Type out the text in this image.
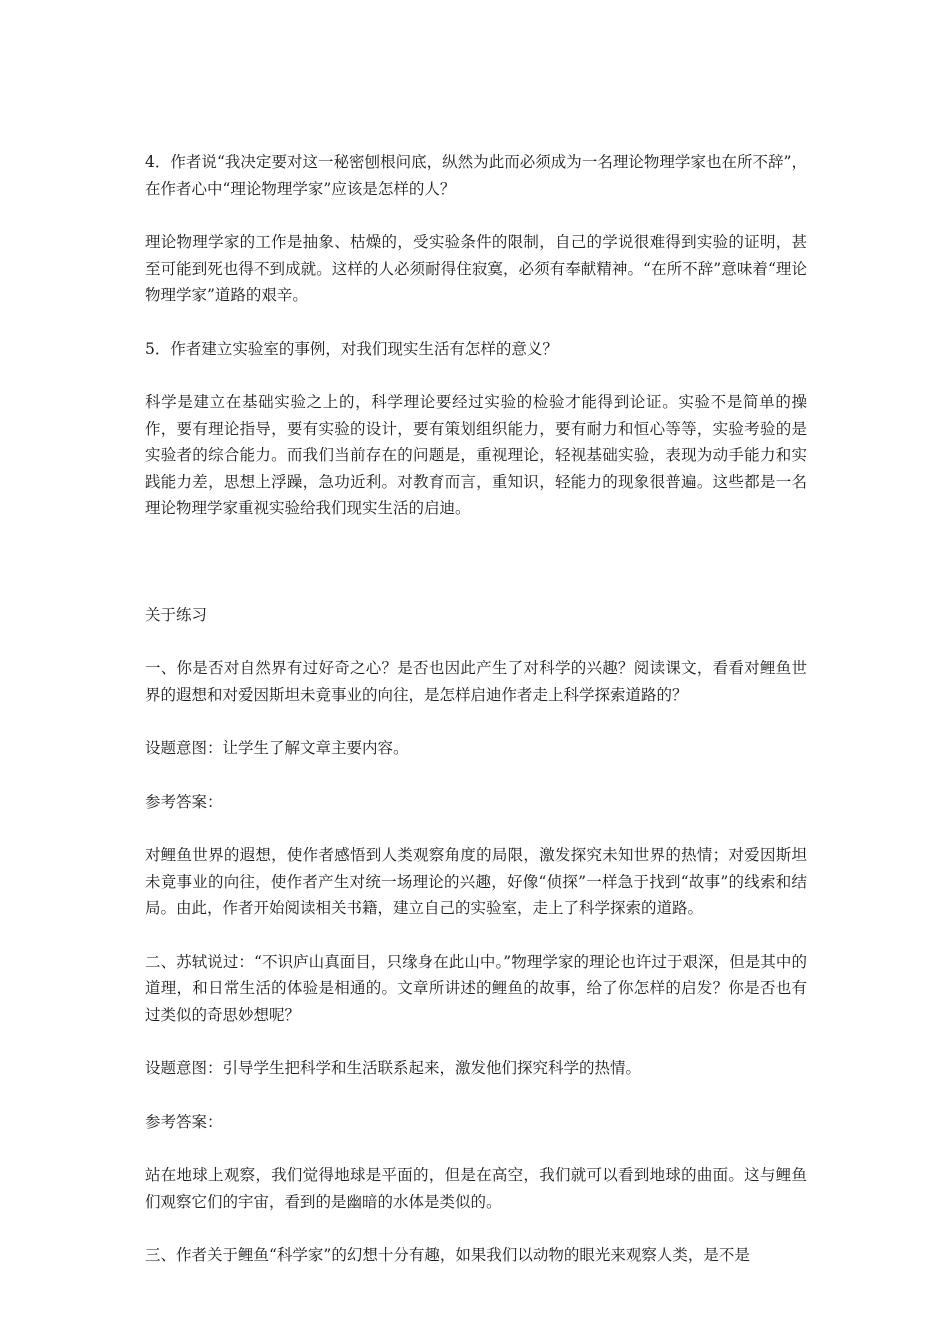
4．作者说“我决定要对这一秘密刨根问底，纵然为此而必须成为一名理论物理学家也在所不辞”，在作者心中“理论物理学家”应该是怎样的人？

理论物理学家的工作是抽象、枯燥的，受实验条件的限制，自己的学说很难得到实验的证明，甚至可能到死也得不到成就。这样的人必须耐得住寂寞，必须有奉献精神。“在所不辞”意味着“理论物理学家”道路的艰辛。

5．作者建立实验室的事例，对我们现实生活有怎样的意义？

科学是建立在基础实验之上的，科学理论要经过实验的检验才能得到论证。实验不是简单的操作，要有理论指导，要有实验的设计，要有策划组织能力，要有耐力和恒心等等，实验考验的是实验者的综合能力。而我们当前存在的问题是，重视理论，轻视基础实验，表现为动手能力和实践能力差，思想上浮躁，急功近利。对教育而言，重知识，轻能力的现象很普遍。这些都是一名理论物理学家重视实验给我们现实生活的启迪。

关于练习

一、你是否对自然界有过好奇之心？是否也因此产生了对科学的兴趣？阅读课文，看看对鲤鱼世界的遐想和对爱因斯坦未竟事业的向往，是怎样启迪作者走上科学探索道路的？

设题意图：让学生了解文章主要内容。

参考答案：

对鲤鱼世界的遐想，使作者感悟到人类观察角度的局限，激发探究未知世界的热情；对爱因斯坦未竟事业的向往，使作者产生对统一场理论的兴趣，好像“侦探”一样急于找到“故事”的线索和结局。由此，作者开始阅读相关书籍，建立自己的实验室，走上了科学探索的道路。

二、苏轼说过：“不识庐山真面目，只缘身在此山中。”物理学家的理论也许过于艰深，但是其中的道理，和日常生活的体验是相通的。文章所讲述的鲤鱼的故事，给了你怎样的启发？你是否也有过类似的奇思妙想呢？

设题意图：引导学生把科学和生活联系起来，激发他们探究科学的热情。

参考答案：

站在地球上观察，我们觉得地球是平面的，但是在高空，我们就可以看到地球的曲面。这与鲤鱼们观察它们的宇宙，看到的是幽暗的水体是类似的。

三、作者关于鲤鱼“科学家”的幻想十分有趣，如果我们以动物的眼光来观察人类，是不是
